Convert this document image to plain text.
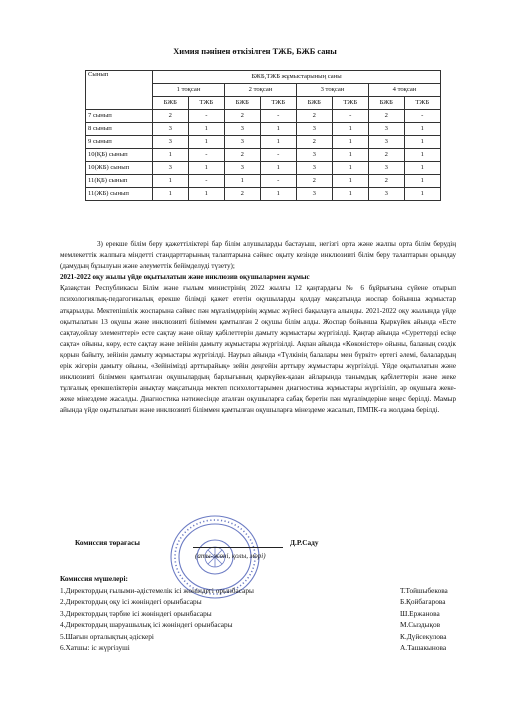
Химия пәнінен өткізілген ТЖБ, БЖБ саны
Сынып	БЖБ,ТЖБ жұмыстарының саны							
	1 тоқсан		2 тоқсан		3 тоқсан		4 тоқсан	
	БЖБ	ТЖБ	БЖБ	ТЖБ	БЖБ	ТЖБ	БЖБ	ТЖБ
7 сынып	2	-	2	-	2	-	2	-
8 сынып	3	1	3	1	3	1	3	1
9 сынып	3	1	3	1	2	1	3	1
10(ҚБ) сынып	1	-	2	-	3	1	2	1
10(ЖБ) сынып	3	1	3	1	3	1	3	1
11(ҚБ) сынып	1	-	1	-	2	1	2	1
11(ЖБ) сынып	1	1	2	1	3	1	3	1

3) ерекше білім беру қажеттіліктері бар білім алушыларды бастауыш, негізгі орта және жалпы орта білім берудің мемлекеттік жалпыға міндетті стандарттарының талаптарына сәйкес оқыту кезінде инклюзивті білім беру талаптарын орындау (дамудың бұзылуын және әлеуметтік бейімделуді түзету);

2021-2022 оқу жылы үйде оқытылатын және инклюзив оқушылармен жұмыс

Қазақстан Республикасы Білім және ғылым министрінің 2022 жылғы 12 қаңтардағы № 6 бұйрығына сүйене отырып психологиялық-педагогикалық ерекше білімді қажет ететін оқушыларды қолдау мақсатында жоспар бойынша жұмыстар атқарылды. Мектепішілік жоспарына сәйкес пән мұғалімдерінің жұмыс жүйесі бақылауға алынды. 2021-2022 оқу жылында үйде оқытылатын 13 оқушы және инклюзивті біліммен қамтылған 2 оқушы білім алды. Жоспар бойынша Қыркүйек айында «Есте сақтау,ойлау элементтері» есте сақтау және ойлау қабілеттерін дамыту жұмыстары жүргізілді. Қаңтар айында «Суреттерді есіңе сақта» ойыны, көру, есте сақтау және зейінін дамыту жұмыстары жүргізілді. Ақпан айында «Көконістер» ойыны, баланың сөздік қорын байыту, зейінін дамыту жұмыстары жүргізілді. Наурыз айында «Түлкінің балалары мен бүркіт» ертегі әлемі, балалардың ерік жігерін дамыту ойыны, «Зейініміздi арттырайық» зейін деңгейін арттыру жұмыстары жүргізілді. Үйде оқытылатын және инклюзивті біліммен қамтылған оқушылардың барлығының қыркүйек-қазан айларында танымдық қабілеттерін және жеке тұлғалық ерекшеліктерін анықтау мақсатында мектеп психологтарымен диагностика жұмыстары жүргізіліп, әр оқушыға жеке-жеке мінездеме жасалды. Диагностика нәтижесінде аталған оқушыларға сабақ беретін пән мұғалімдеріне кеңес берілді. Мамыр айында үйде оқытылатын және инклюзивті біліммен қамтылған оқушыларға мінездеме жасалып, ПМПК-ға жолдама берілді.

Комиссия төрағасы	Д.Р.Саду
(аты-жөні, қолы, мөрі)
Комиссия мүшелері:
1.Директордың ғылыми-әдістемелік ісі жөніндегі орынбасары	Т.Тойшыбекова
2.Директордың оқу ісі жөніндегі орынбасары	Б.Қойбагарова
3.Директордың тәрбие ісі жөніндегі орынбасары	Ш.Ержанова
4.Директордың шаруашылық ісі жөніндегі орынбасары	М.Сыздықов
5.Шағын орталықтың әдіскері	К.Дүйсекулова
6.Хатшы: іс жүргізуші	А.Ташакынова
